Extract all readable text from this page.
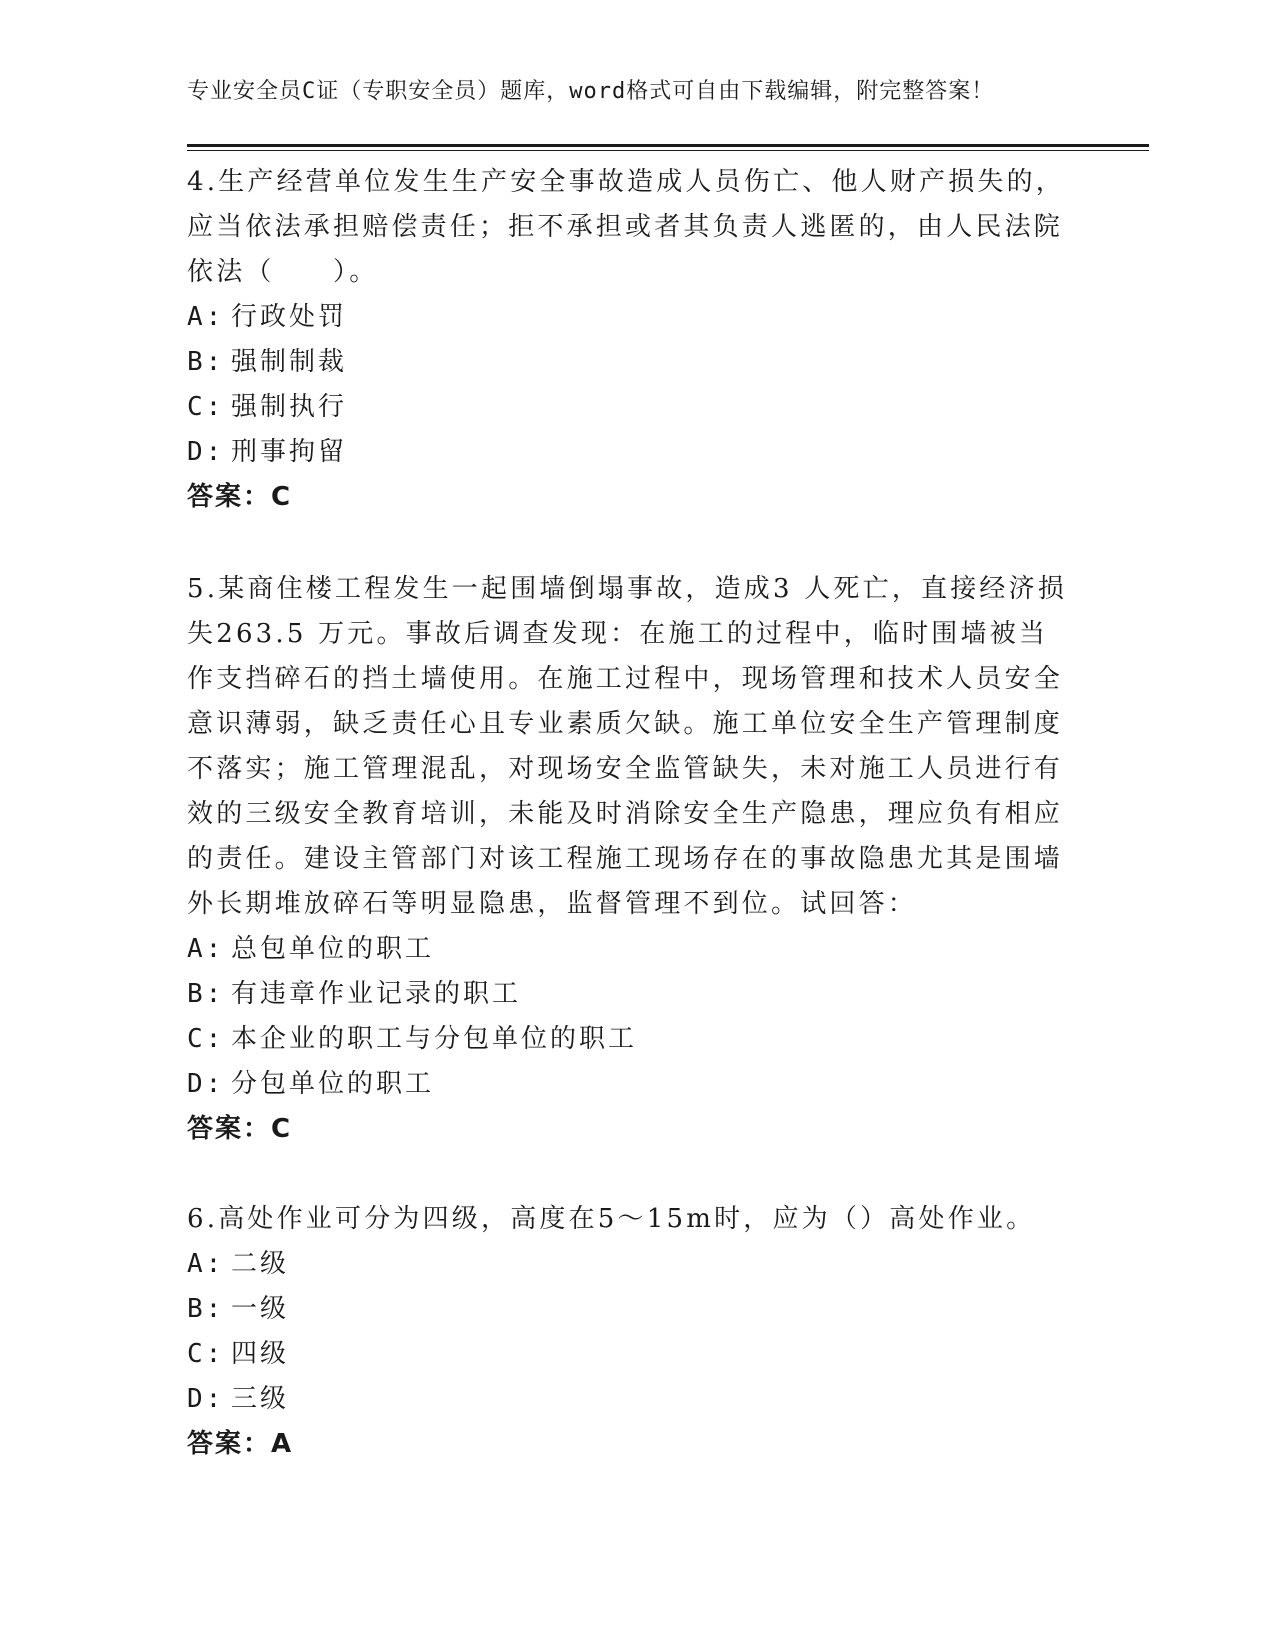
专业安全员C证（专职安全员）题库，word格式可自由下载编辑，附完整答案！

4.生产经营单位发生生产安全事故造成人员伤亡、他人财产损失的，应当依法承担赔偿责任；拒不承担或者其负责人逃匿的，由人民法院依法（　　）。

A: 行政处罚

B: 强制制裁

C: 强制执行

D: 刑事拘留

答案：C

5.某商住楼工程发生一起围墙倒塌事故，造成3 人死亡，直接经济损失263.5 万元。事故后调查发现：在施工的过程中，临时围墙被当作支挡碎石的挡土墙使用。在施工过程中，现场管理和技术人员安全意识薄弱，缺乏责任心且专业素质欠缺。施工单位安全生产管理制度不落实；施工管理混乱，对现场安全监管缺失，未对施工人员进行有效的三级安全教育培训，未能及时消除安全生产隐患，理应负有相应的责任。建设主管部门对该工程施工现场存在的事故隐患尤其是围墙外长期堆放碎石等明显隐患，监督管理不到位。试回答：

A: 总包单位的职工

B: 有违章作业记录的职工

C: 本企业的职工与分包单位的职工

D: 分包单位的职工

答案：C

6.高处作业可分为四级，高度在5～15m时，应为（）高处作业。

A: 二级

B: 一级

C: 四级

D: 三级

答案：A
